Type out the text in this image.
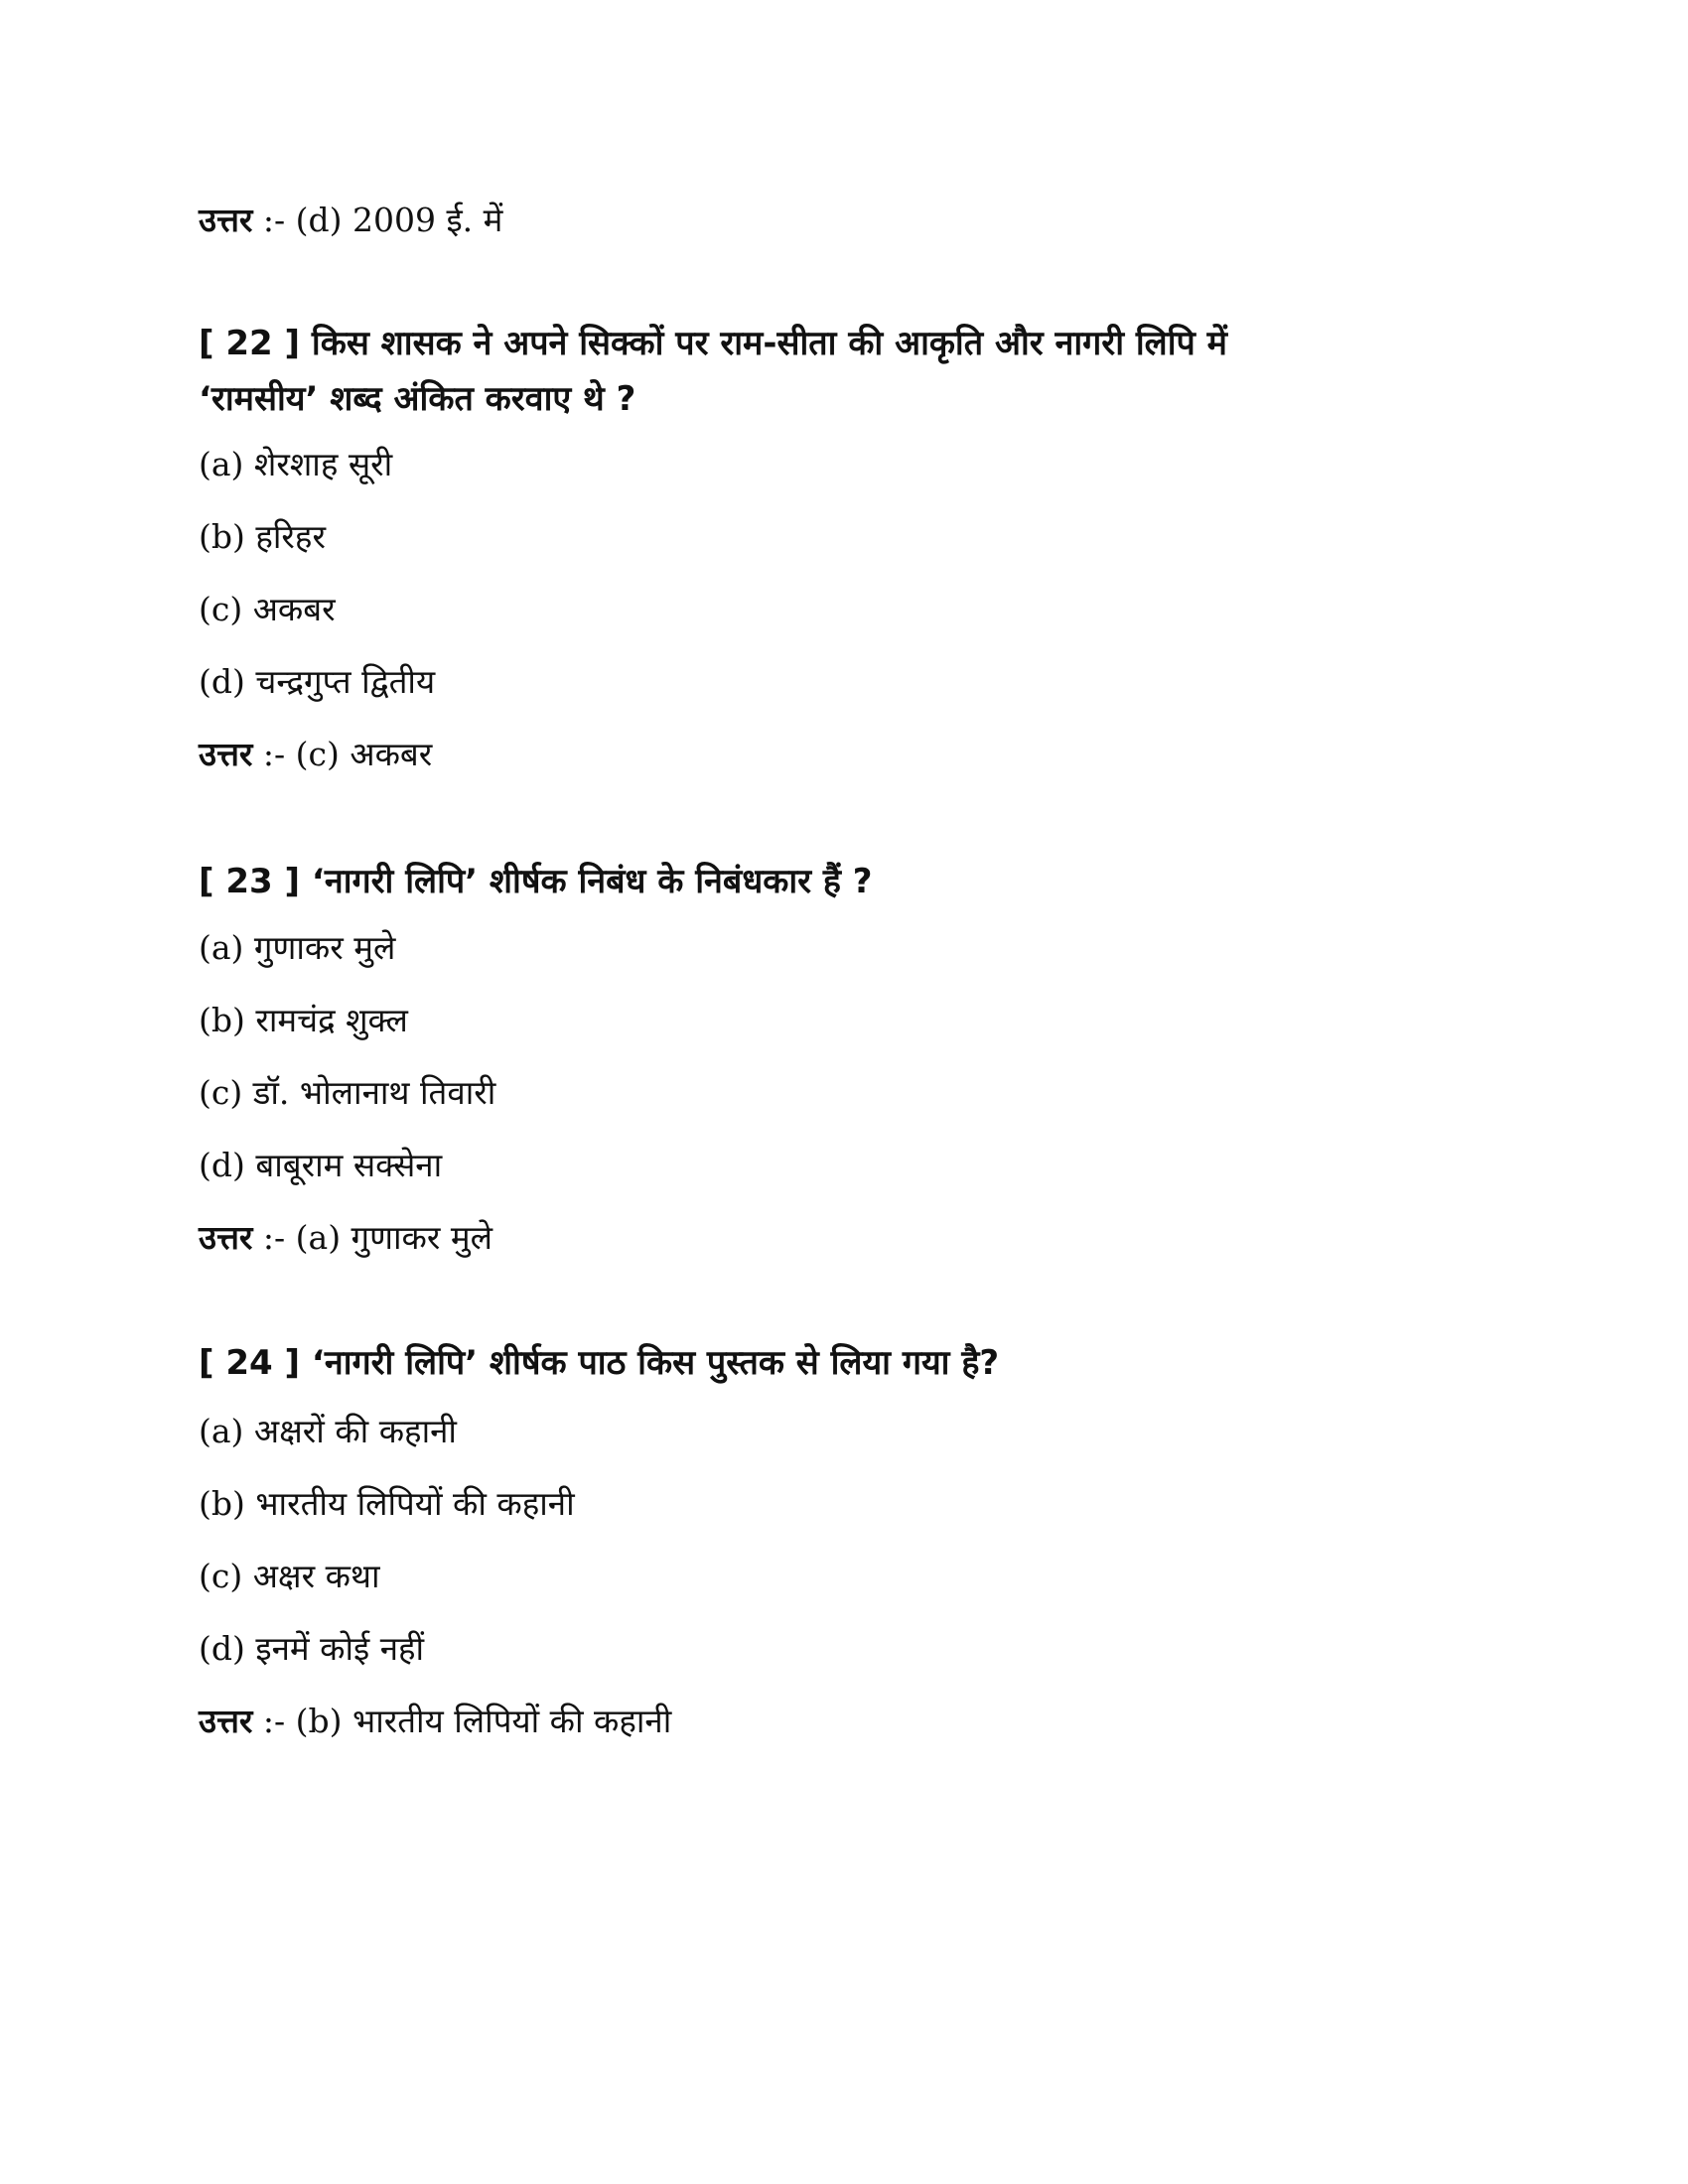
उत्तर :- (d) 2009 ई. में
[ 22 ] किस शासक ने अपने सिक्कों पर राम-सीता की आकृति और नागरी लिपि में
‘रामसीय’ शब्द अंकित करवाए थे ?
(a) शेरशाह सूरी
(b) हरिहर
(c) अकबर
(d) चन्द्रगुप्त द्वितीय
उत्तर :- (c) अकबर
[ 23 ] ‘नागरी लिपि’ शीर्षक निबंध के निबंधकार हैं ?
(a) गुणाकर मुले
(b) रामचंद्र शुक्ल
(c) डॉ. भोलानाथ तिवारी
(d) बाबूराम सक्सेना
उत्तर :- (a) गुणाकर मुले
[ 24 ] ‘नागरी लिपि’ शीर्षक पाठ किस पुस्तक से लिया गया है?
(a) अक्षरों की कहानी
(b) भारतीय लिपियों की कहानी
(c) अक्षर कथा
(d) इनमें कोई नहीं
उत्तर :- (b) भारतीय लिपियों की कहानी
